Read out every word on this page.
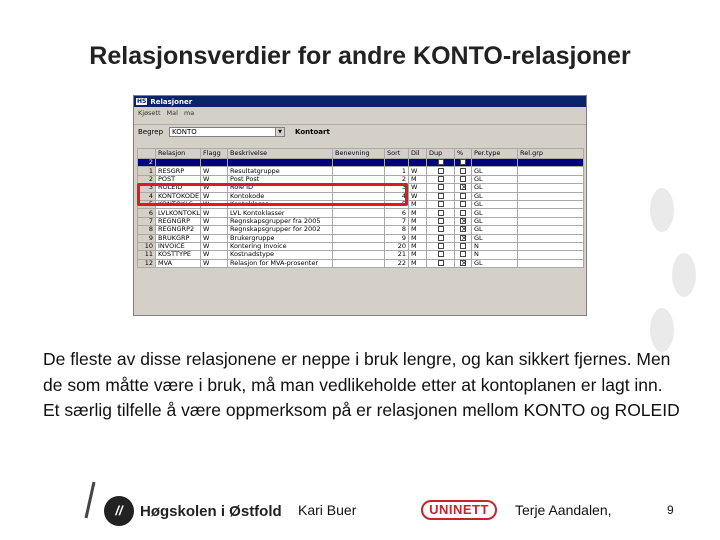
Relasjonsverdier for andre KONTO-relasjoner
HS Relasjoner
Kjøsett Mal ma
Begrep	KONTO	▼ Kontoart
	Relasjon	Flagg	Beskrivelse	Benevning	Sort	Dil	Dup	%	Per.type	Rel.grp
2										
1	RESGRP	W	Resultatgruppe		1	W			GL	
2	POST	W	Post Post		2	M			GL	
3	ROLEID	W	Role ID		3	W		×	GL	
4	KONTOKODE	W	Kontokode		4	W			GL	
5	KONTOKLS	W	Kontoklasse		5	M			GL	
6	LVLKONTOKL	W	LVL Kontoklasser		6	M			GL	
7	REGNGRP	W	Regnskapsgrupper fra 2005		7	M		×	GL	
8	REGNGRP2	W	Regnskapsgrupper for 2002		8	M		×	GL	
9	BRUKGRP	W	Brukergruppe		9	M		×	GL	
10	INVOICE	W	Kontering Invoice		20	M			N	
11	KOSTTYPE	W	Kostnadstype		21	M			N	
12	MVA	W	Relasjon for MVA-prosenter		22	M		×	GL	

De fleste av disse relasjonene er neppe i bruk lengre, og kan sikkert fjernes. Men de som måtte være i bruk, må man vedlikeholde etter at kontoplanen er lagt inn.

Et særlig tilfelle å være oppmerksom på er relasjonen mellom KONTO og ROLEID

//	Høgskolen i Østfold Kari Buer	UNINETT	Terje Aandalen,	9
